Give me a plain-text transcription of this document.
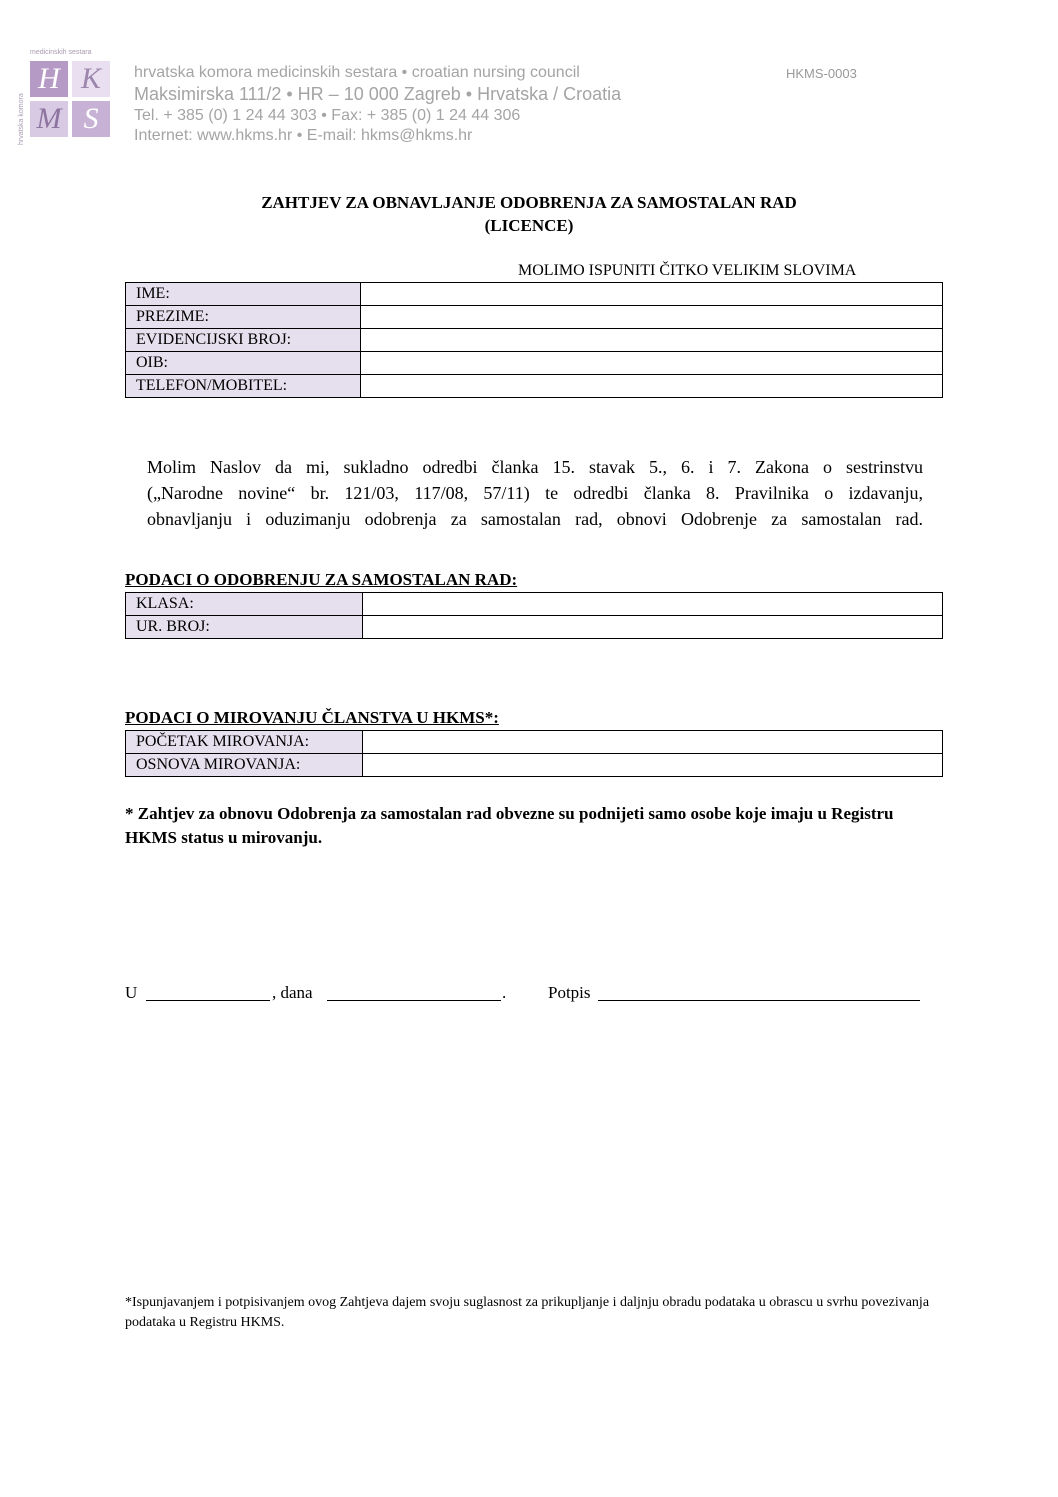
H K
M S
medicinskih sestara
hrvatska komora
hrvatska komora medicinskih sestara • croatian nursing council
Maksimirska 111/2 • HR – 10 000 Zagreb • Hrvatska / Croatia
Tel. + 385 (0) 1 24 44 303 • Fax: + 385 (0) 1 24 44 306
Internet: www.hkms.hr • E-mail: hkms@hkms.hr
HKMS-0003
ZAHTJEV ZA OBNAVLJANJE ODOBRENJA ZA SAMOSTALAN RAD
(LICENCE)
MOLIMO ISPUNITI ČITKO VELIKIM SLOVIMA
IME:	
PREZIME:	
EVIDENCIJSKI BROJ:	
OIB:	
TELEFON/MOBITEL:	
Molim Naslov da mi, sukladno odredbi članka 15. stavak 5., 6. i 7. Zakona o sestrinstvu
(„Narodne novine“ br. 121/03, 117/08, 57/11) te odredbi članka 8. Pravilnika o izdavanju,
obnavljanju i oduzimanju odobrenja za samostalan rad, obnovi Odobrenje za samostalan rad.
PODACI O ODOBRENJU ZA SAMOSTALAN RAD:
KLASA:	
UR. BROJ:	
PODACI O MIROVANJU ČLANSTVA U HKMS*:
POČETAK MIROVANJA:	
OSNOVA MIROVANJA:	
* Zahtjev za obnovu Odobrenja za samostalan rad obvezne su podnijeti samo osobe koje imaju u Registru HKMS status u mirovanju.
U	, dana	. Potpis
*Ispunjavanjem i potpisivanjem ovog Zahtjeva dajem svoju suglasnost za prikupljanje i daljnju obradu podataka u obrascu u svrhu povezivanja podataka u Registru HKMS.
